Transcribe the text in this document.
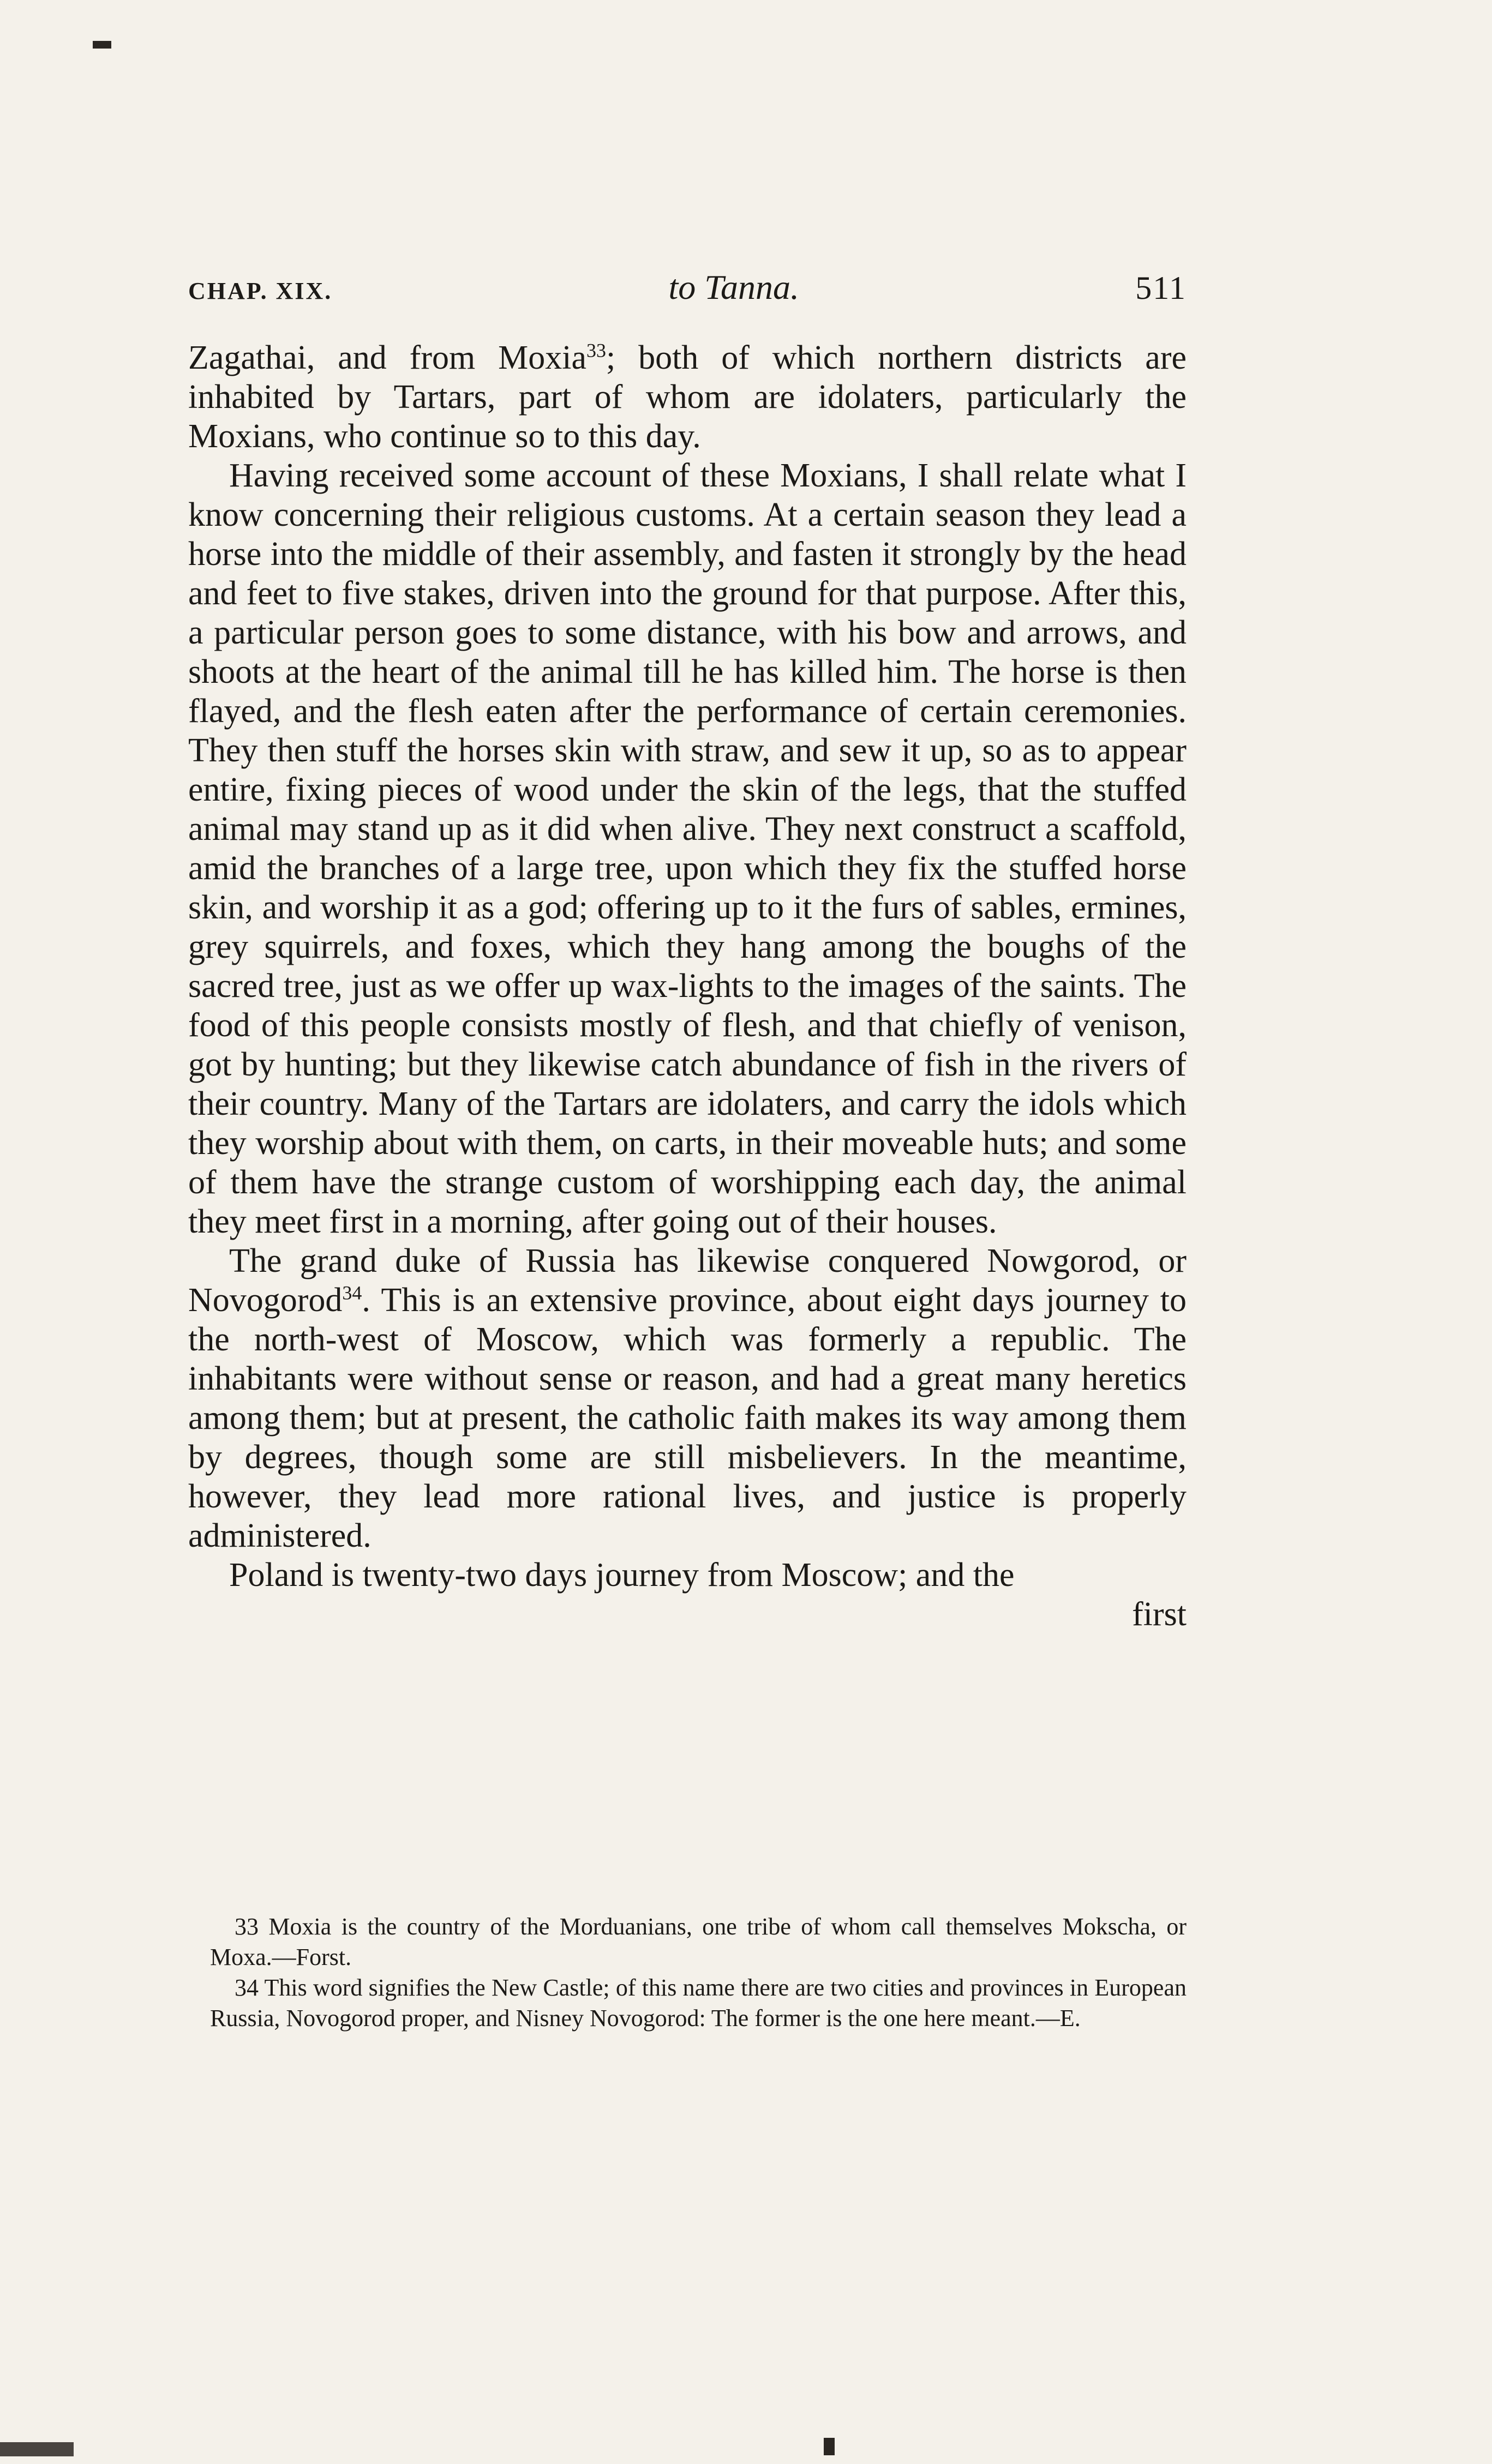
CHAP. XIX.	to Tanna.	511

Zagathai, and from Moxia$^{33}$; both of which northern districts are inhabited by Tartars, part of whom are idolaters, particularly the Moxians, who continue so to this day.

Having received some account of these Moxians, I shall relate what I know concerning their religious customs. At a certain season they lead a horse into the middle of their assembly, and fasten it strongly by the head and feet to five stakes, driven into the ground for that purpose. After this, a particular person goes to some distance, with his bow and arrows, and shoots at the heart of the animal till he has killed him. The horse is then flayed, and the flesh eaten after the performance of certain ceremonies. They then stuff the horses skin with straw, and sew it up, so as to appear entire, fixing pieces of wood under the skin of the legs, that the stuffed animal may stand up as it did when alive. They next construct a scaffold, amid the branches of a large tree, upon which they fix the stuffed horse skin, and worship it as a god; offering up to it the furs of sables, ermines, grey squirrels, and foxes, which they hang among the boughs of the sacred tree, just as we offer up wax-lights to the images of the saints. The food of this people consists mostly of flesh, and that chiefly of venison, got by hunting; but they likewise catch abundance of fish in the rivers of their country. Many of the Tartars are idolaters, and carry the idols which they worship about with them, on carts, in their moveable huts; and some of them have the strange custom of worshipping each day, the animal they meet first in a morning, after going out of their houses.

The grand duke of Russia has likewise conquered Nowgorod, or Novogorod$^{34}$. This is an extensive province, about eight days journey to the north-west of Moscow, which was formerly a republic. The inhabitants were without sense or reason, and had a great many heretics among them; but at present, the catholic faith makes its way among them by degrees, though some are still misbelievers. In the meantime, however, they lead more rational lives, and justice is properly administered.

Poland is twenty-two days journey from Moscow; and the

first

33 Moxia is the country of the Morduanians, one tribe of whom call themselves Mokscha, or Moxa.—Forst.

34 This word signifies the New Castle; of this name there are two cities and provinces in European Russia, Novogorod proper, and Nisney Novogorod: The former is the one here meant.—E.
